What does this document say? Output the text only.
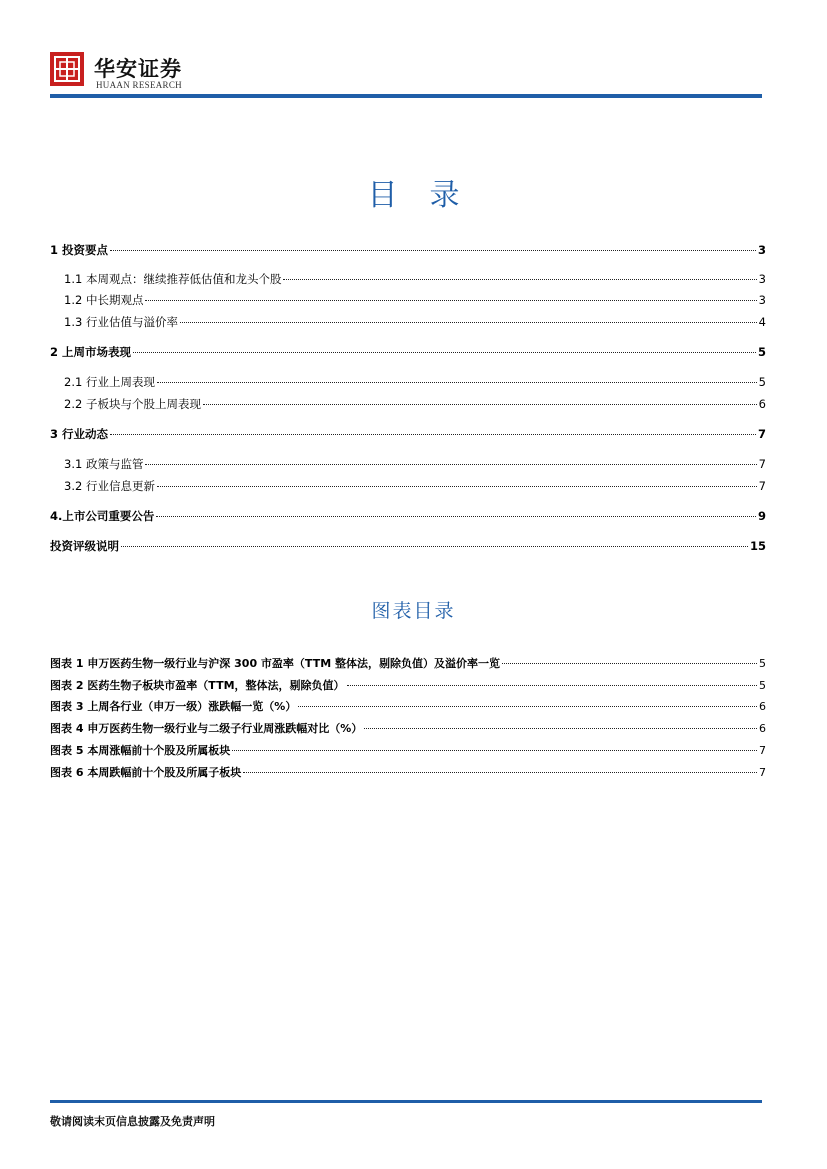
华安证券
HUAAN RESEARCH
目录
1 投资要点	3
1.1 本周观点：继续推荐低估值和龙头个股	3
1.2 中长期观点	3
1.3 行业估值与溢价率	4
2 上周市场表现	5
2.1 行业上周表现	5
2.2 子板块与个股上周表现	6
3 行业动态	7
3.1 政策与监管	7
3.2 行业信息更新	7
4.上市公司重要公告	9
投资评级说明	15
图表目录
图表 1 申万医药生物一级行业与沪深 300 市盈率（TTM 整体法，剔除负值）及溢价率一览	5
图表 2 医药生物子板块市盈率（TTM，整体法，剔除负值）	5
图表 3 上周各行业（申万一级）涨跌幅一览（%）	6
图表 4 申万医药生物一级行业与二级子行业周涨跌幅对比（%）	6
图表 5 本周涨幅前十个股及所属板块	7
图表 6 本周跌幅前十个股及所属子板块	7
敬请阅读末页信息披露及免责声明
